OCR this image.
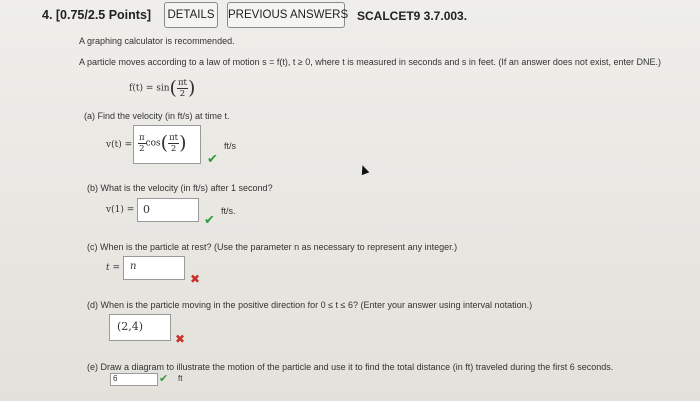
4. [0.75/2.5 Points]	DETAILS	PREVIOUS ANSWERS SCALCET9 3.7.003.
A graphing calculator is recommended.
A particle moves according to a law of motion s = f(t), t ≥ 0, where t is measured in seconds and s in feet. (If an answer does not exist, enter DNE.)
$f(t) = \sin( \frac{\pi t}{2}$ )
(a) Find the velocity (in ft/s) at time t.
$v(t) = \frac{\pi}{2} \cos( \frac{\pi t}{2}$ )
✔
ft/s
(b) What is the velocity (in ft/s) after 1 second?
v(1) = 0
✔
ft/s.
(c) When is the particle at rest? (Use the parameter n as necessary to represent any integer.)
t = n
✖
(d) When is the particle moving in the positive direction for 0 ≤ t ≤ 6? (Enter your answer using interval notation.)
(2,4)
✖
(e) Draw a diagram to illustrate the motion of the particle and use it to find the total distance (in ft) traveled during the first 6 seconds.
6	✔ ft
